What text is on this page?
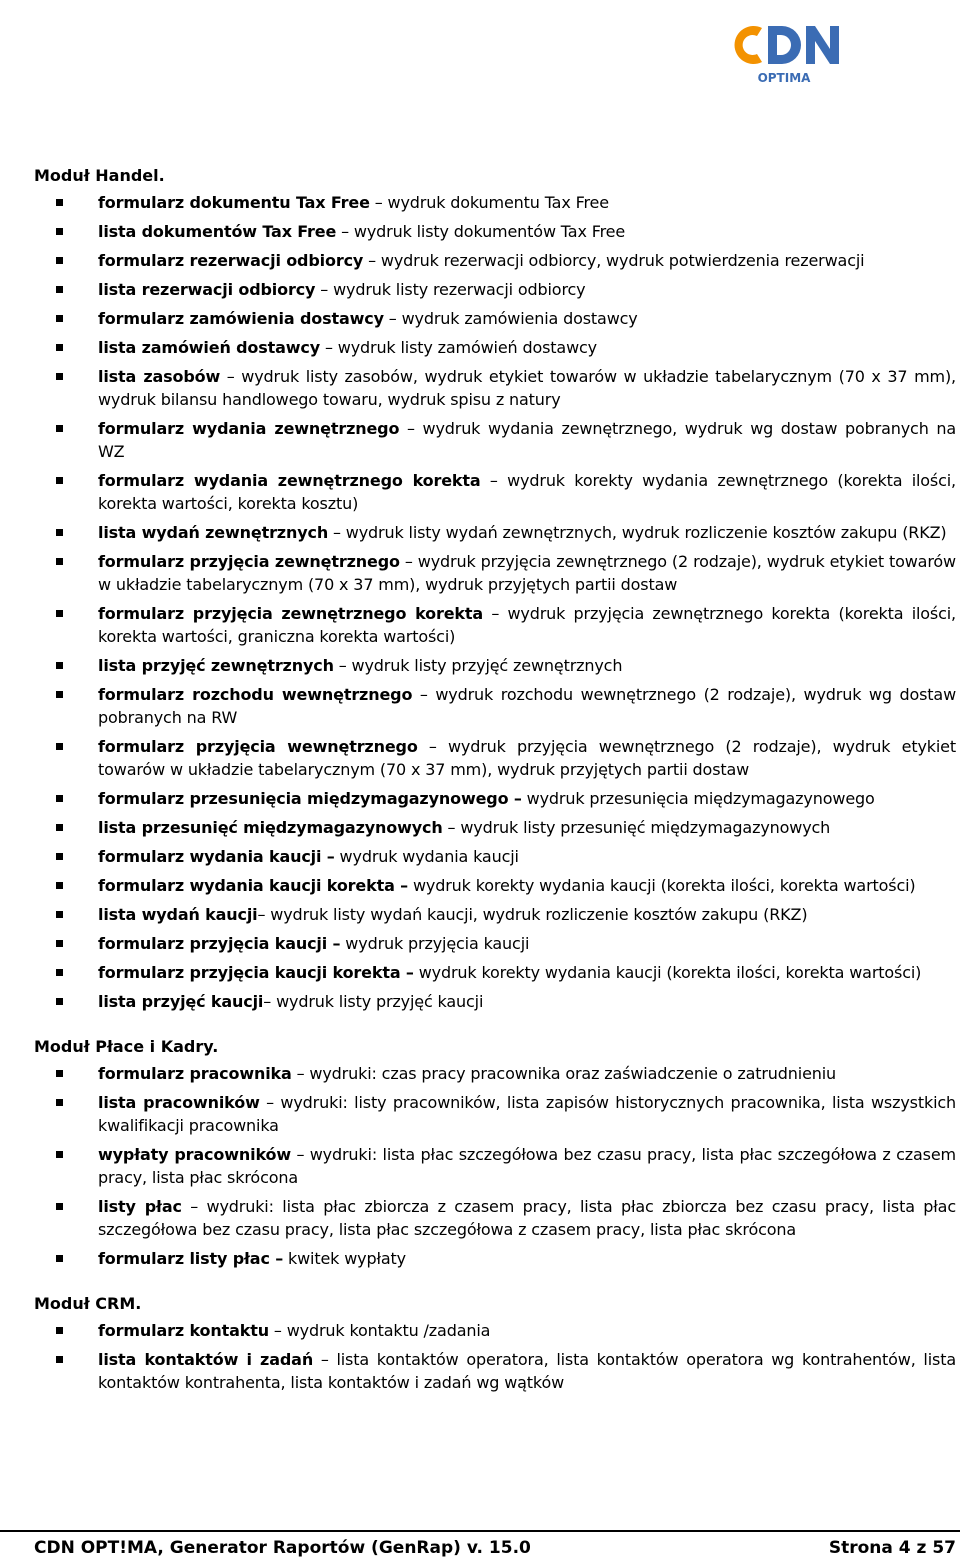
OPTIMA
Moduł Handel.
formularz dokumentu Tax Free – wydruk dokumentu Tax Free
lista dokumentów Tax Free – wydruk listy dokumentów Tax Free
formularz rezerwacji odbiorcy – wydruk rezerwacji odbiorcy, wydruk potwierdzenia rezerwacji
lista rezerwacji odbiorcy – wydruk listy rezerwacji odbiorcy
formularz zamówienia dostawcy – wydruk zamówienia dostawcy
lista zamówień dostawcy – wydruk listy zamówień dostawcy
lista zasobów – wydruk listy zasobów, wydruk etykiet towarów w układzie tabelarycznym (70 x 37 mm), wydruk bilansu handlowego towaru, wydruk spisu z natury
formularz wydania zewnętrznego – wydruk wydania zewnętrznego, wydruk wg dostaw pobranych na WZ
formularz wydania zewnętrznego korekta – wydruk korekty wydania zewnętrznego (korekta ilości, korekta wartości, korekta kosztu)
lista wydań zewnętrznych – wydruk listy wydań zewnętrznych, wydruk rozliczenie kosztów zakupu (RKZ)
formularz przyjęcia zewnętrznego – wydruk przyjęcia zewnętrznego (2 rodzaje), wydruk etykiet towarów w układzie tabelarycznym (70 x 37 mm), wydruk przyjętych partii dostaw
formularz przyjęcia zewnętrznego korekta – wydruk przyjęcia zewnętrznego korekta (korekta ilości, korekta wartości, graniczna korekta wartości)
lista przyjęć zewnętrznych – wydruk listy przyjęć zewnętrznych
formularz rozchodu wewnętrznego – wydruk rozchodu wewnętrznego (2 rodzaje), wydruk wg dostaw pobranych na RW
formularz przyjęcia wewnętrznego – wydruk przyjęcia wewnętrznego (2 rodzaje), wydruk etykiet towarów w układzie tabelarycznym (70 x 37 mm), wydruk przyjętych partii dostaw
formularz przesunięcia międzymagazynowego – wydruk przesunięcia międzymagazynowego
lista przesunięć międzymagazynowych – wydruk listy przesunięć międzymagazynowych
formularz wydania kaucji – wydruk wydania kaucji
formularz wydania kaucji korekta – wydruk korekty wydania kaucji (korekta ilości, korekta wartości)
lista wydań kaucji– wydruk listy wydań kaucji, wydruk rozliczenie kosztów zakupu (RKZ)
formularz przyjęcia kaucji – wydruk przyjęcia kaucji
formularz przyjęcia kaucji korekta – wydruk korekty wydania kaucji (korekta ilości, korekta wartości)
lista przyjęć kaucji– wydruk listy przyjęć kaucji
Moduł Płace i Kadry.
formularz pracownika – wydruki: czas pracy pracownika oraz zaświadczenie o zatrudnieniu
lista pracowników – wydruki: listy pracowników, lista zapisów historycznych pracownika, lista wszystkich kwalifikacji pracownika
wypłaty pracowników – wydruki: lista płac szczegółowa bez czasu pracy, lista płac szczegółowa z czasem pracy, lista płac skrócona
listy płac – wydruki: lista płac zbiorcza z czasem pracy, lista płac zbiorcza bez czasu pracy, lista płac szczegółowa bez czasu pracy, lista płac szczegółowa z czasem pracy, lista płac skrócona
formularz listy płac – kwitek wypłaty
Moduł CRM.
formularz kontaktu – wydruk kontaktu /zadania
lista kontaktów i zadań – lista kontaktów operatora, lista kontaktów operatora wg kontrahentów, lista kontaktów kontrahenta, lista kontaktów i zadań wg wątków
CDN OPT!MA, Generator Raportów (GenRap) v. 15.0	Strona 4 z 57
